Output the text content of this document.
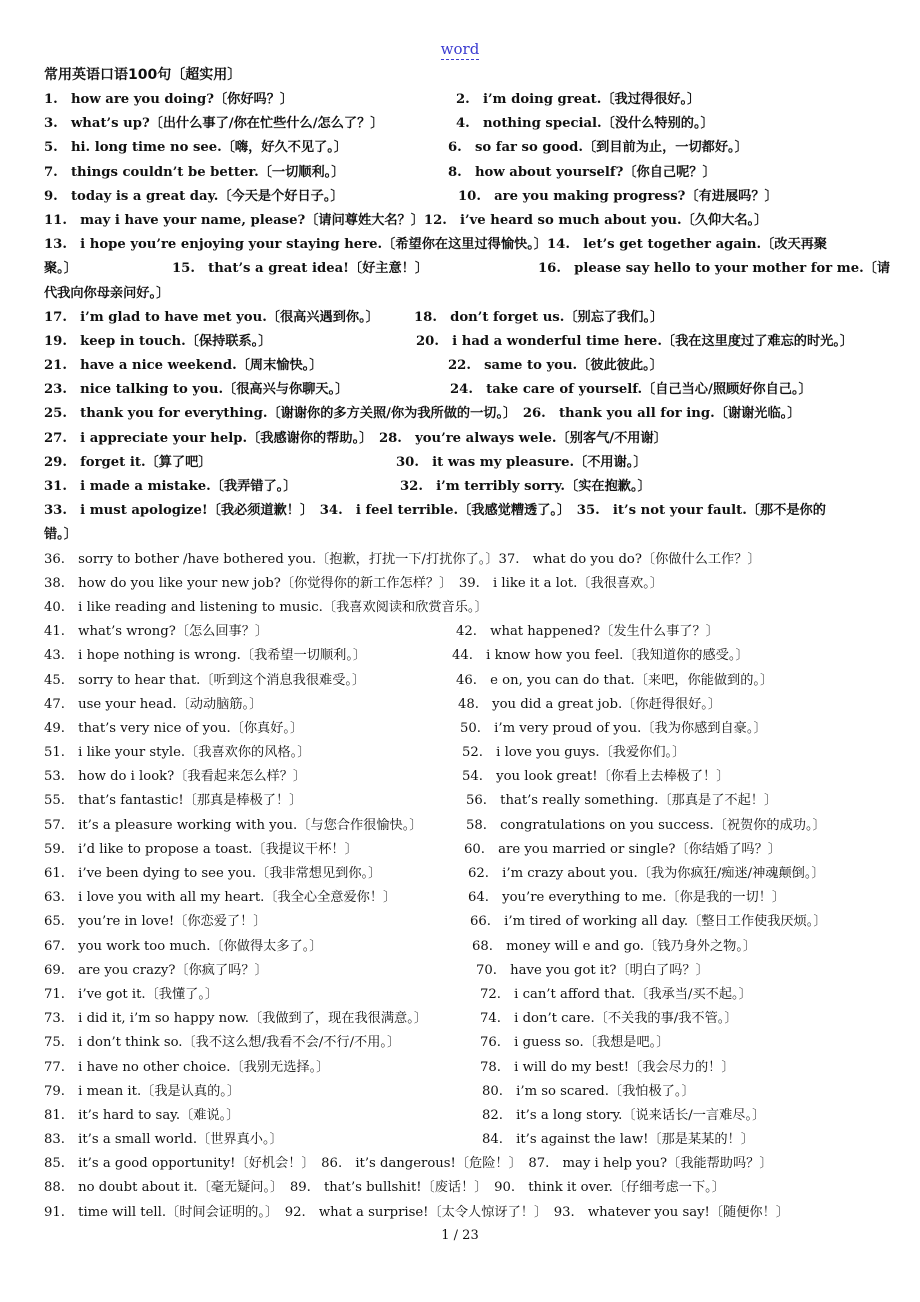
word
常用英语口语100句〔超实用〕
1.　how are you doing?〔你好吗？〕	2.　i’m doing great.〔我过得很好。〕
3.　what’s up?〔出什么事了/你在忙些什么/怎么了？〕	4.　nothing special.〔没什么特别的。〕
5.　hi. long time no see.〔嗨，好久不见了。〕	6.　so far so good.〔到目前为止，一切都好。〕
7.　things couldn’t be better.〔一切顺利。〕	8.　how about yourself?〔你自己呢？〕
9.　today is a great day.〔今天是个好日子。〕	10.　are you making progress?〔有进展吗？〕
11.　may i have your name, please?〔请问尊姓大名？〕12.　i’ve heard so much about you.〔久仰大名。〕
13.　i hope you’re enjoying your staying here.〔希望你在这里过得愉快。〕14.　let’s get together again.〔改天再聚
聚。〕	15.　that’s a great idea!〔好主意！〕	16.　please say hello to your mother for me.〔请
代我向你母亲问好。〕
17.　i’m glad to have met you.〔很高兴遇到你。〕	18.　don’t forget us.〔别忘了我们。〕
19.　keep in touch.〔保持联系。〕	20.　i had a wonderful time here.〔我在这里度过了难忘的时光。〕
21.　have a nice weekend.〔周末愉快。〕	22.　same to you.〔彼此彼此。〕
23.　nice talking to you.〔很高兴与你聊天。〕	24.　take care of yourself.〔自己当心/照顾好你自己。〕
25.　thank you for everything.〔谢谢你的多方关照/你为我所做的一切。〕　26.　thank you all for ing.〔谢谢光临。〕
27.　i appreciate your help.〔我感谢你的帮助。〕　28.　you’re always wele.〔别客气/不用谢〕
29.　forget it.〔算了吧〕	30.　it was my pleasure.〔不用谢。〕
31.　i made a mistake.〔我弄错了。〕	32.　i’m terribly sorry.〔实在抱歉。〕
33.　i must apologize!〔我必须道歉！〕　34.　i feel terrible.〔我感觉糟透了。〕　35.　it’s not your fault.〔那不是你的
错。〕
36.　sorry to bother /have bothered you.〔抱歉，打扰一下/打扰你了。〕37.　what do you do?〔你做什么工作？〕
38.　how do you like your new job?〔你觉得你的新工作怎样？〕　39.　i like it a lot.〔我很喜欢。〕
40.　i like reading and listening to music.〔我喜欢阅读和欣赏音乐。〕
41.　what’s wrong?〔怎么回事？〕	42.　what happened?〔发生什么事了？〕
43.　i hope nothing is wrong.〔我希望一切顺利。〕	44.　i know how you feel.〔我知道你的感受。〕
45.　sorry to hear that.〔听到这个消息我很难受。〕	46.　e on, you can do that.〔来吧，你能做到的。〕
47.　use your head.〔动动脑筋。〕	48.　you did a great job.〔你赶得很好。〕
49.　that’s very nice of you.〔你真好。〕	50.　i’m very proud of you.〔我为你感到自豪。〕
51.　i like your style.〔我喜欢你的风格。〕	52.　i love you guys.〔我爱你们。〕
53.　how do i look?〔我看起来怎么样？〕	54.　you look great!〔你看上去棒极了！〕
55.　that’s fantastic!〔那真是棒极了！〕	56.　that’s really something.〔那真是了不起！〕
57.　it’s a pleasure working with you.〔与您合作很愉快。〕	58.　congratulations on you success.〔祝贺你的成功。〕
59.　i’d like to propose a toast.〔我提议干杯！〕	60.　are you married or single?〔你结婚了吗？〕
61.　i’ve been dying to see you.〔我非常想见到你。〕	62.　i’m crazy about you.〔我为你疯狂/痴迷/神魂颠倒。〕
63.　i love you with all my heart.〔我全心全意爱你！〕	64.　you’re everything to me.〔你是我的一切！〕
65.　you’re in love!〔你恋爱了！〕	66.　i’m tired of working all day.〔整日工作使我厌烦。〕
67.　you work too much.〔你做得太多了。〕	68.　money will e and go.〔钱乃身外之物。〕
69.　are you crazy?〔你疯了吗？〕	70.　have you got it?〔明白了吗？〕
71.　i’ve got it.〔我懂了。〕	72.　i can’t afford that.〔我承当/买不起。〕
73.　i did it, i’m so happy now.〔我做到了，现在我很满意。〕	74.　i don’t care.〔不关我的事/我不管。〕
75.　i don’t think so.〔我不这么想/我看不会/不行/不用。〕	76.　i guess so.〔我想是吧。〕
77.　i have no other choice.〔我别无选择。〕	78.　i will do my best!〔我会尽力的！〕
79.　i mean it.〔我是认真的。〕	80.　i’m so scared.〔我怕极了。〕
81.　it’s hard to say.〔难说。〕	82.　it’s a long story.〔说来话长/一言难尽。〕
83.　it’s a small world.〔世界真小。〕	84.　it’s against the law!〔那是某某的！〕
85.　it’s a good opportunity!〔好机会！〕　86.　it’s dangerous!〔危险！〕　87.　may i help you?〔我能帮助吗？〕
88.　no doubt about it.〔毫无疑问。〕　89.　that’s bullshit!〔废话！〕　90.　think it over.〔仔细考虑一下。〕
91.　time will tell.〔时间会证明的。〕　92.　what a surprise!〔太令人惊讶了！〕　93.　whatever you say!〔随便你！〕
1 / 23
